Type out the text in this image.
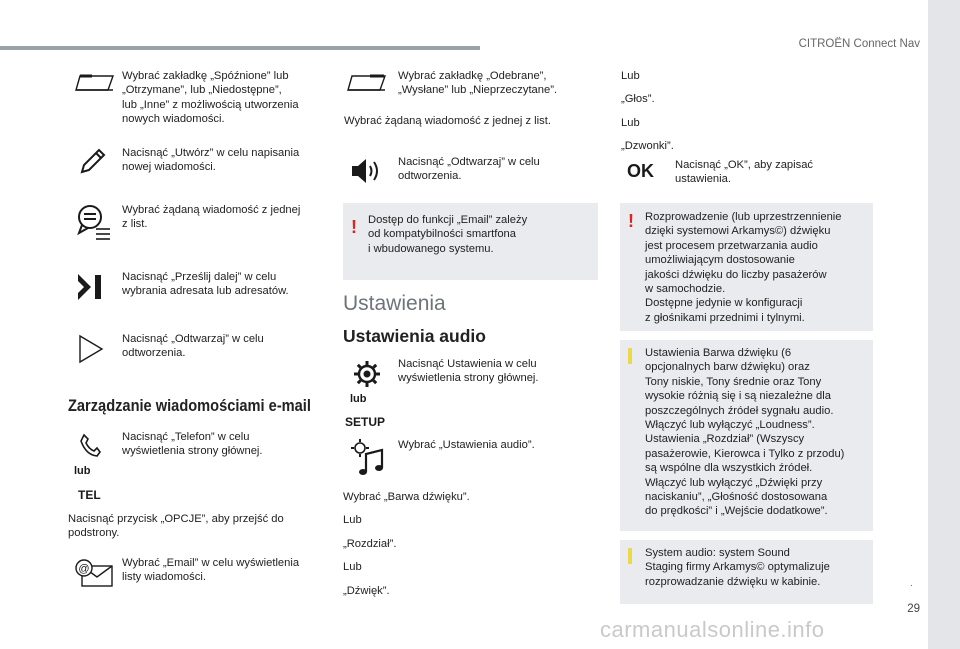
CITROËN Connect Nav
.
29
carmanualsonline.info
Wybrać zakładkę „Spóźnione” lub
„Otrzymane”, lub „Niedostępne”,
lub „Inne” z możliwością utworzenia
nowych wiadomości.
Nacisnąć „Utwórz” w celu napisania
nowej wiadomości.
Wybrać żądaną wiadomość z jednej
z list.
Nacisnąć „Prześlij dalej” w celu
wybrania adresata lub adresatów.
Nacisnąć „Odtwarzaj” w celu
odtworzenia.
Zarządzanie wiadomościami e-mail
lub
TEL
Nacisnąć „Telefon” w celu
wyświetlenia strony głównej.
Nacisnąć przycisk „OPCJE”, aby przejść do
podstrony.
@	Wybrać „Email” w celu wyświetlenia
listy wiadomości.
Wybrać zakładkę „Odebrane”,
„Wysłane” lub „Nieprzeczytane”.
Wybrać żądaną wiadomość z jednej z list.
Nacisnąć „Odtwarzaj” w celu
odtworzenia.
! Dostęp do funkcji „Email” zależy
od kompatybilności smartfona
i wbudowanego systemu.
Ustawienia
Ustawienia audio
lub
SETUP
Nacisnąć Ustawienia w celu
wyświetlenia strony głównej.
Wybrać „Ustawienia audio”.
Wybrać „Barwa dźwięku”.
Lub
„Rozdział”.
Lub
„Dźwięk”.
Lub
„Głos”.
Lub
„Dzwonki”.
OK Nacisnąć „OK”, aby zapisać
ustawienia.
! Rozprowadzenie (lub uprzestrzennienie
dzięki systemowi Arkamys©) dźwięku
jest procesem przetwarzania audio
umożliwiającym dostosowanie
jakości dźwięku do liczby pasażerów
w samochodzie.
Dostępne jedynie w konfiguracji
z głośnikami przednimi i tylnymi.
Ustawienia Barwa dźwięku (6
opcjonalnych barw dźwięku) oraz
Tony niskie, Tony średnie oraz Tony
wysokie różnią się i są niezależne dla
poszczególnych źródeł sygnału audio.
Włączyć lub wyłączyć „Loudness”.
Ustawienia „Rozdział” (Wszyscy
pasażerowie, Kierowca i Tylko z przodu)
są wspólne dla wszystkich źródeł.
Włączyć lub wyłączyć „Dźwięki przy
naciskaniu”, „Głośność dostosowana
do prędkości” i „Wejście dodatkowe”.
System audio: system Sound
Staging firmy Arkamys© optymalizuje
rozprowadzanie dźwięku w kabinie.
